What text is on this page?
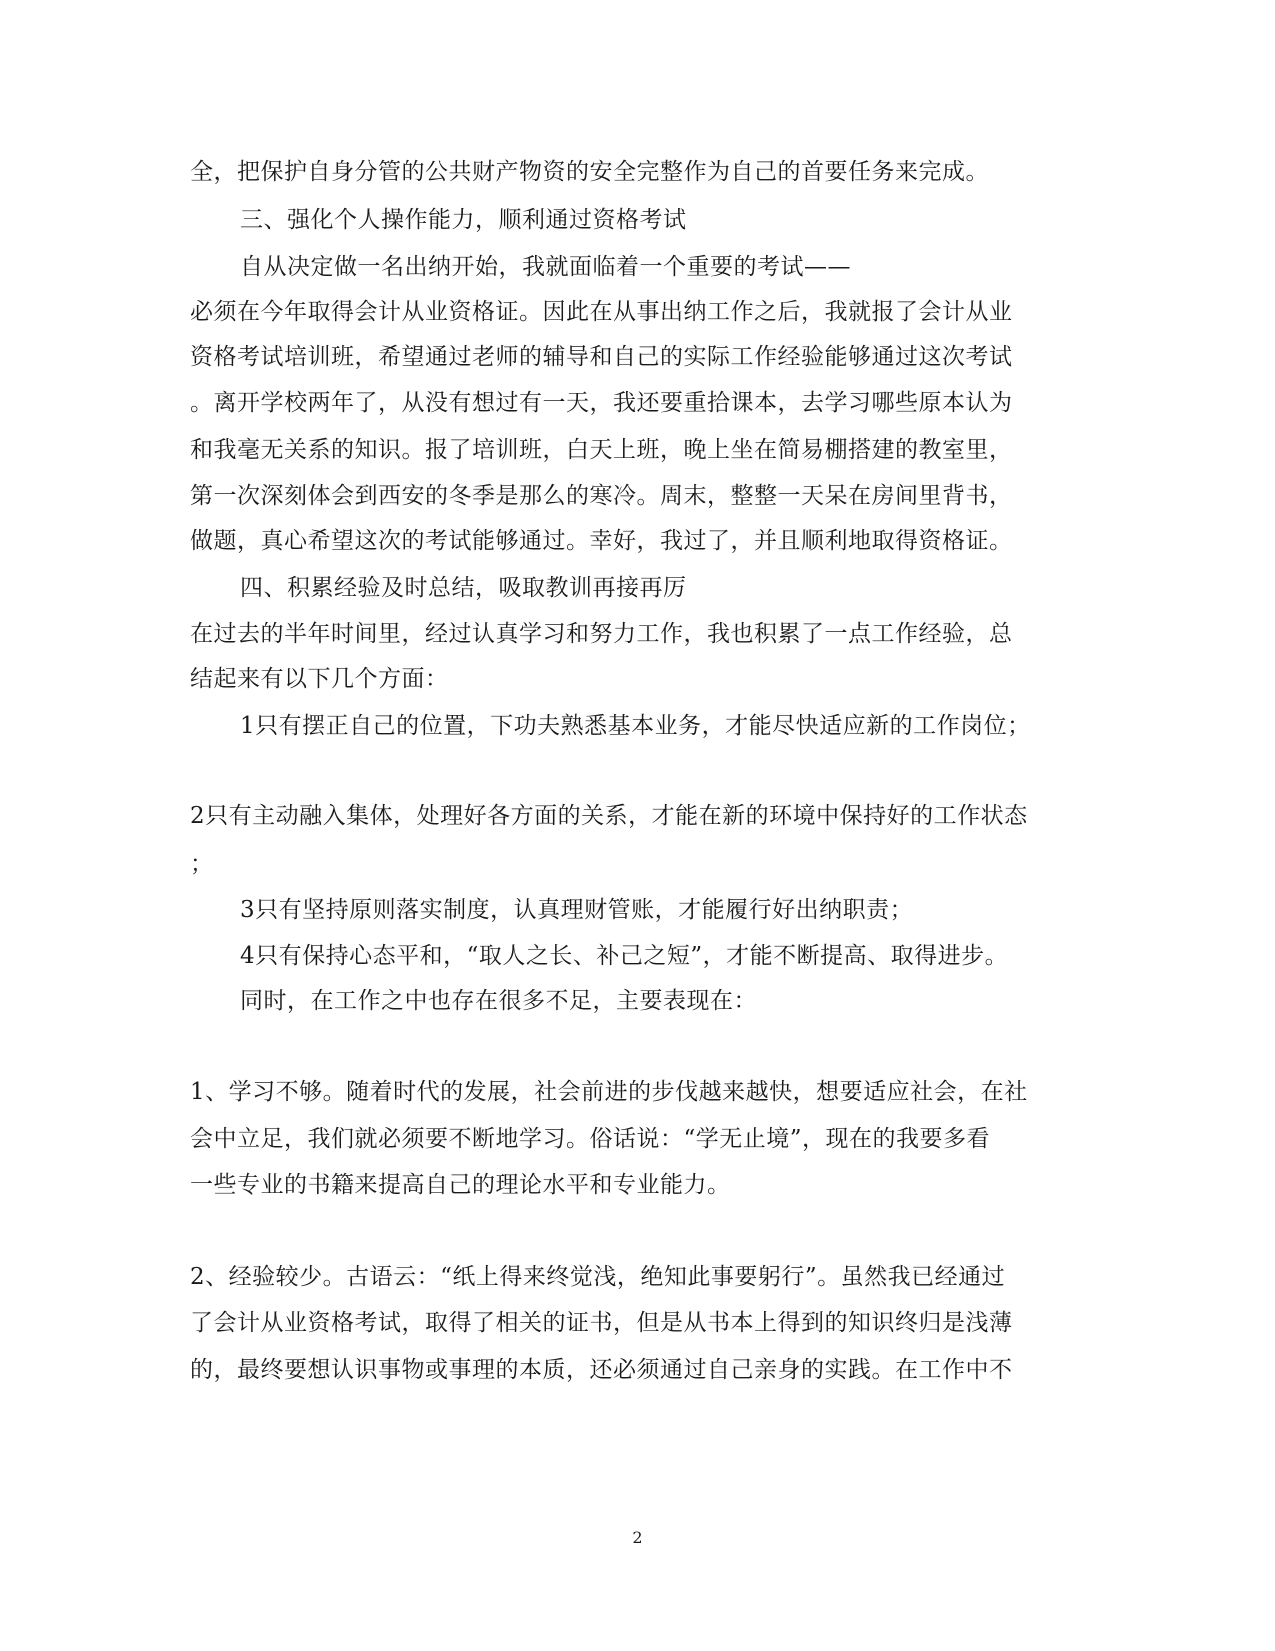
全，把保护自身分管的公共财产物资的安全完整作为自己的首要任务来完成。
三、强化个人操作能力，顺利通过资格考试
自从决定做一名出纳开始，我就面临着一个重要的考试——
必须在今年取得会计从业资格证。因此在从事出纳工作之后，我就报了会计从业
资格考试培训班，希望通过老师的辅导和自己的实际工作经验能够通过这次考试
。离开学校两年了，从没有想过有一天，我还要重拾课本，去学习哪些原本认为
和我毫无关系的知识。报了培训班，白天上班，晚上坐在简易棚搭建的教室里，
第一次深刻体会到西安的冬季是那么的寒冷。周末，整整一天呆在房间里背书，
做题，真心希望这次的考试能够通过。幸好，我过了，并且顺利地取得资格证。
四、积累经验及时总结，吸取教训再接再厉
在过去的半年时间里，经过认真学习和努力工作，我也积累了一点工作经验，总
结起来有以下几个方面：
1只有摆正自己的位置，下功夫熟悉基本业务，才能尽快适应新的工作岗位；
2只有主动融入集体，处理好各方面的关系，才能在新的环境中保持好的工作状态
；
3只有坚持原则落实制度，认真理财管账，才能履行好出纳职责；
4只有保持心态平和，“取人之长、补己之短”，才能不断提高、取得进步。
同时，在工作之中也存在很多不足，主要表现在：
1、学习不够。随着时代的发展，社会前进的步伐越来越快，想要适应社会，在社
会中立足，我们就必须要不断地学习。俗话说：“学无止境”，现在的我要多看
一些专业的书籍来提高自己的理论水平和专业能力。
2、经验较少。古语云：“纸上得来终觉浅，绝知此事要躬行”。虽然我已经通过
了会计从业资格考试，取得了相关的证书，但是从书本上得到的知识终归是浅薄
的，最终要想认识事物或事理的本质，还必须通过自己亲身的实践。在工作中不
2
